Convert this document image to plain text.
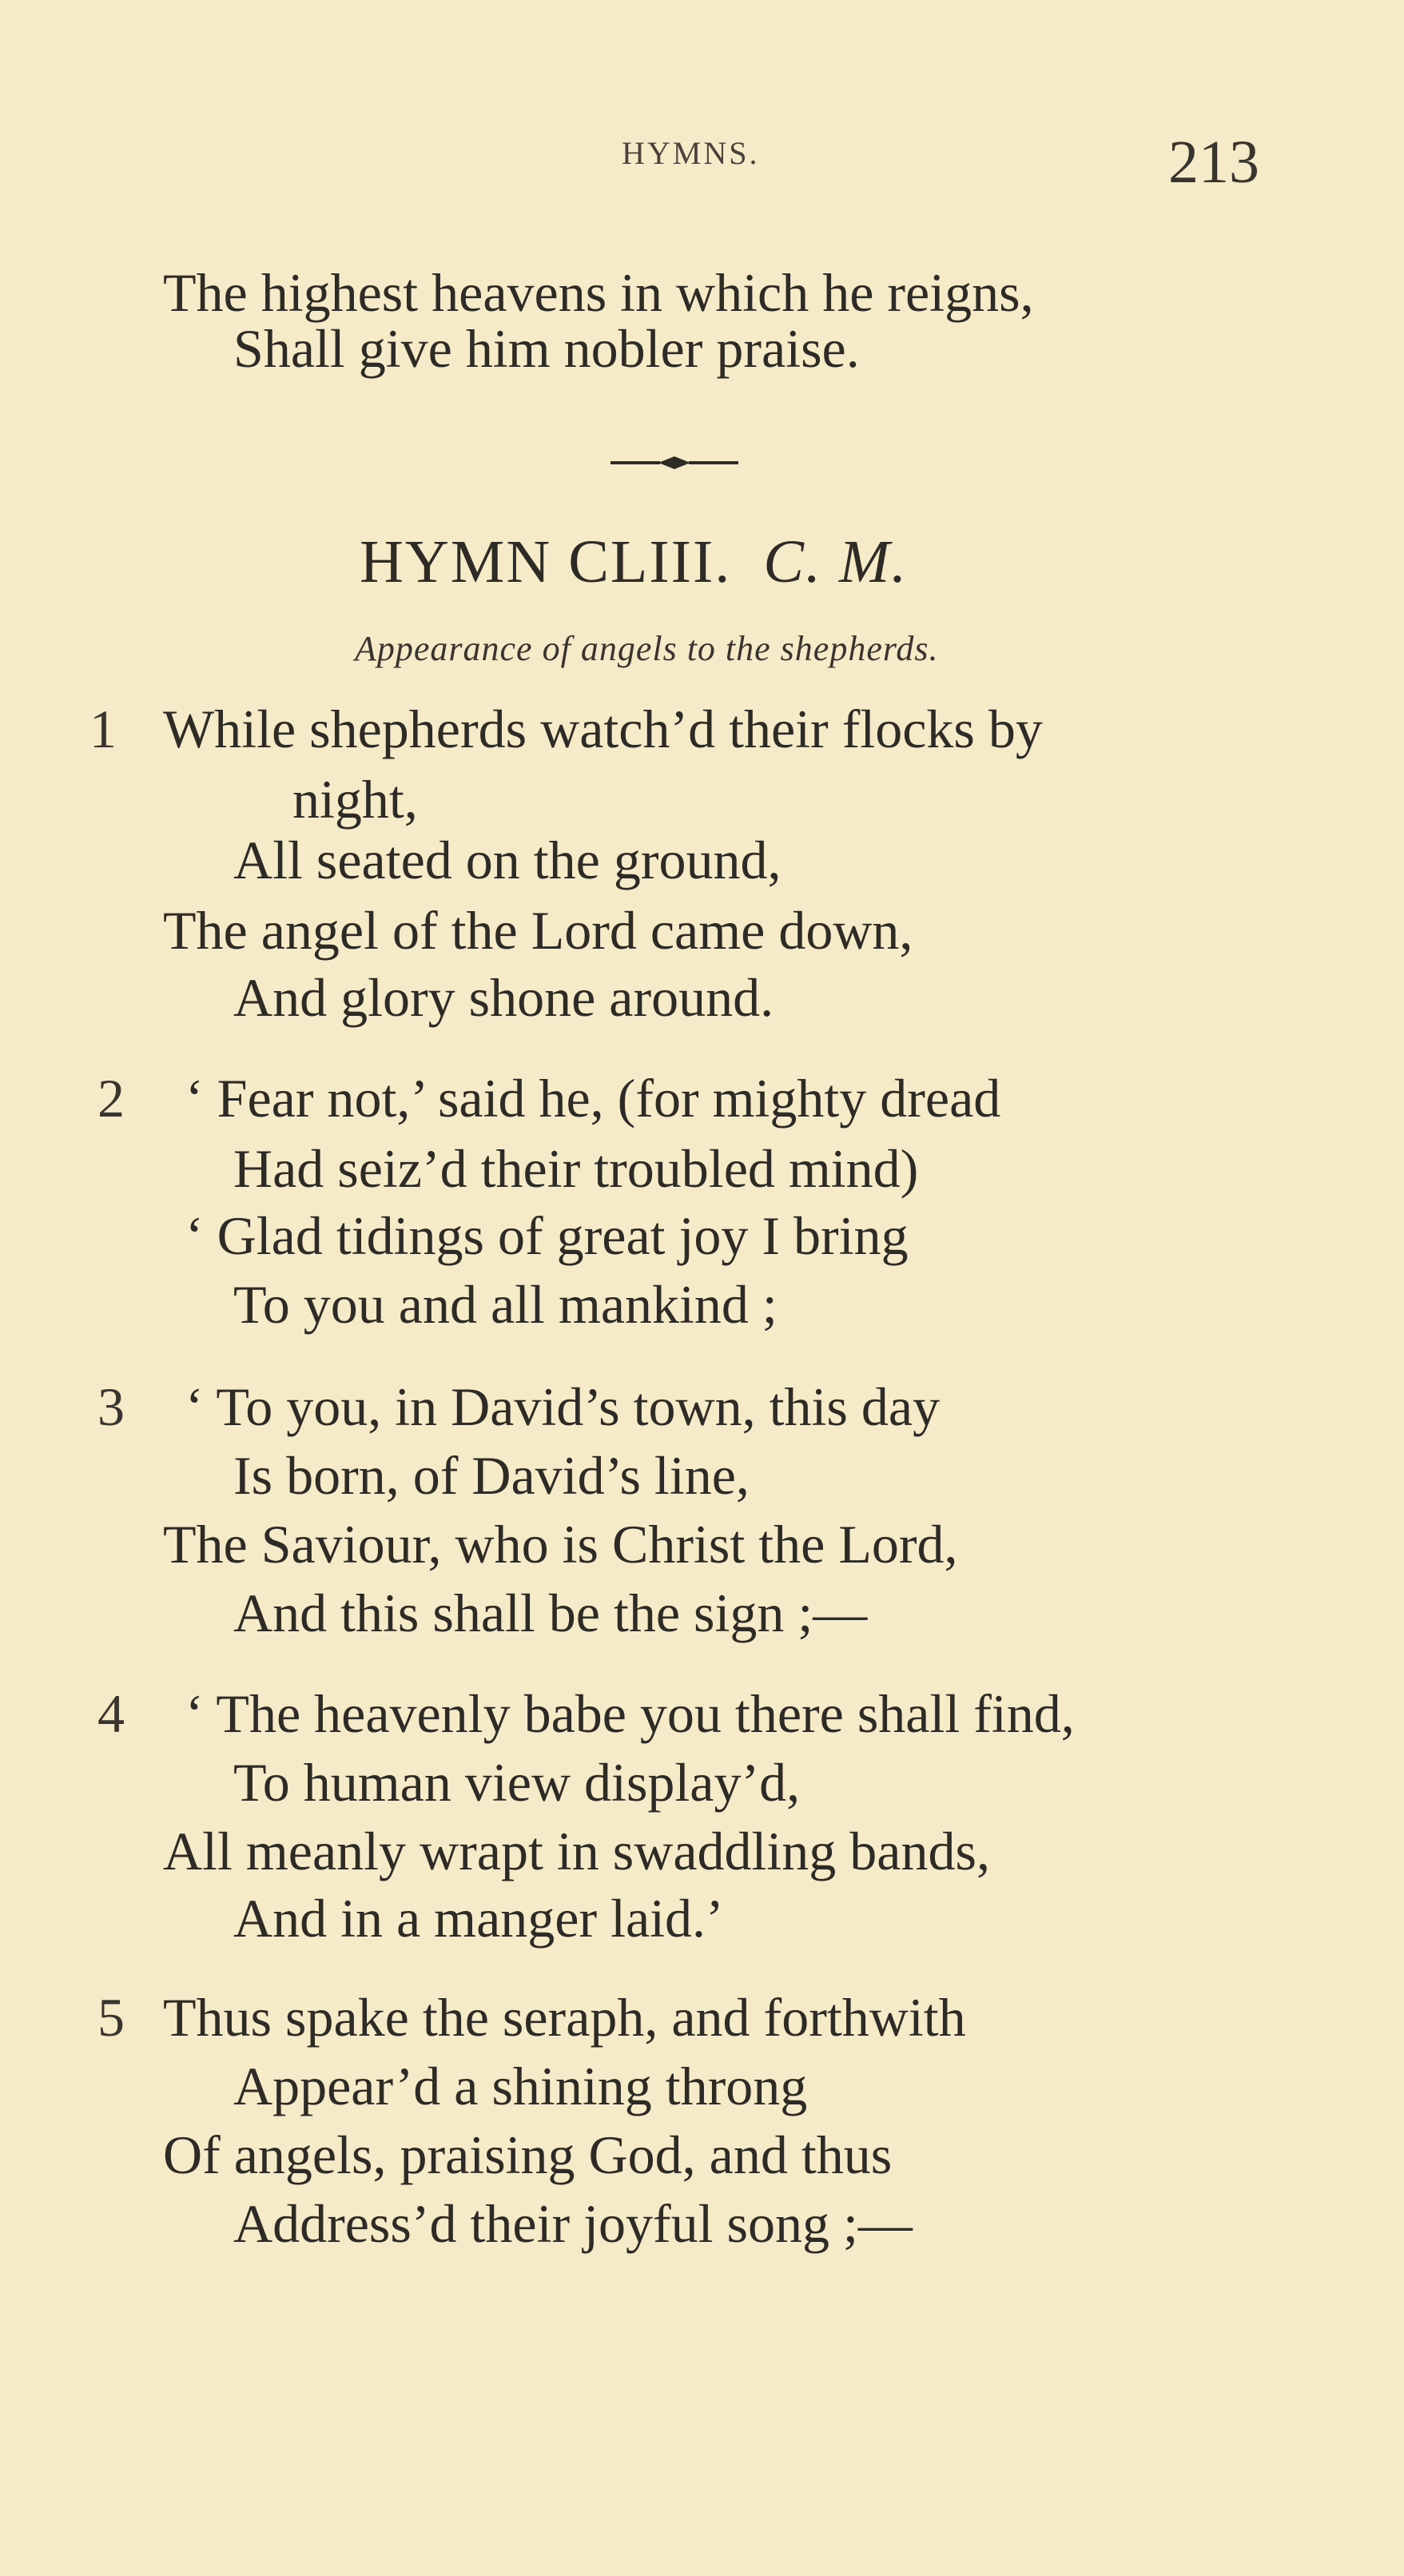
HYMNS.	213
The highest heavens in which he reigns,
Shall give him nobler praise.
HYMN CLIII. C. M.
Appearance of angels to the shepherds.
1 While shepherds watch’d their flocks by
night,
All seated on the ground,
The angel of the Lord came down,
And glory shone around.
2 ‘ Fear not,’ said he, (for mighty dread
Had seiz’d their troubled mind)
‘ Glad tidings of great joy I bring
To you and all mankind ;
3 ‘ To you, in David’s town, this day
Is born, of David’s line,
The Saviour, who is Christ the Lord,
And this shall be the sign ;—
4 ‘ The heavenly babe you there shall find,
To human view display’d,
All meanly wrapt in swaddling bands,
And in a manger laid.’
5 Thus spake the seraph, and forthwith
Appear’d a shining throng
Of angels, praising God, and thus
Address’d their joyful song ;—
